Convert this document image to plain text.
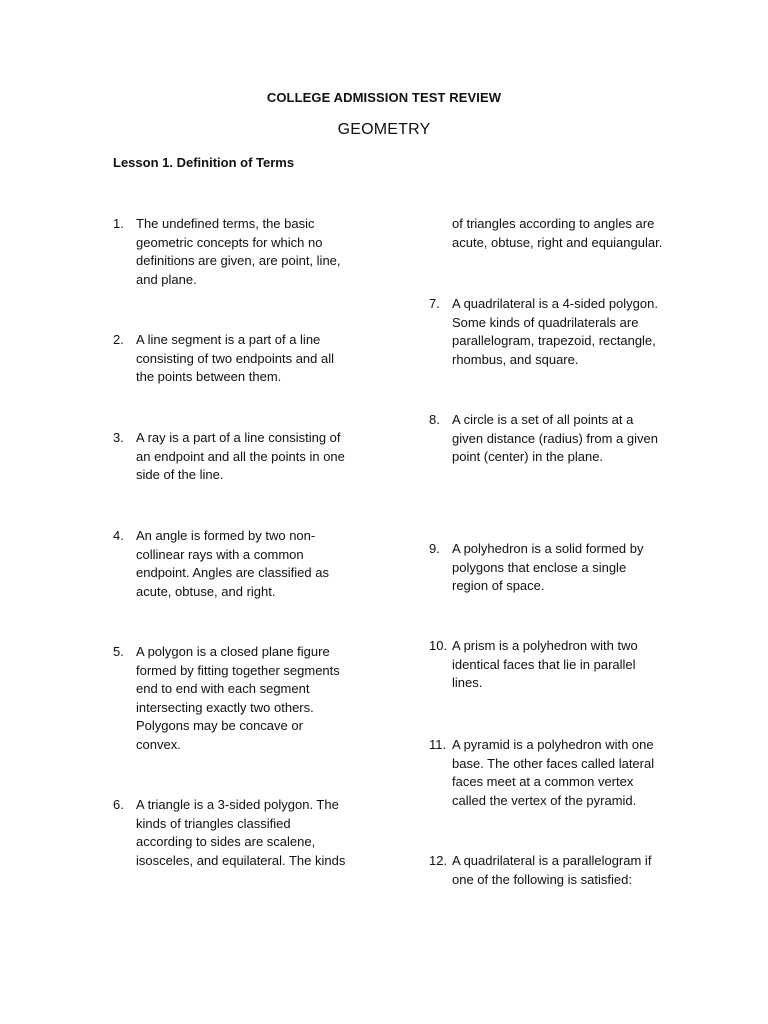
COLLEGE ADMISSION TEST REVIEW
GEOMETRY
Lesson 1. Definition of Terms
1. The undefined terms, the basic
geometric concepts for which no
definitions are given, are point, line,
and plane.
2. A line segment is a part of a line
consisting of two endpoints and all
the points between them.
3. A ray is a part of a line consisting of
an endpoint and all the points in one
side of the line.
4. An angle is formed by two non-
collinear rays with a common
endpoint. Angles are classified as
acute, obtuse, and right.
5. A polygon is a closed plane figure
formed by fitting together segments
end to end with each segment
intersecting exactly two others.
Polygons may be concave or
convex.
6. A triangle is a 3-sided polygon. The
kinds of triangles classified
according to sides are scalene,
isosceles, and equilateral. The kinds
of triangles according to angles are
acute, obtuse, right and equiangular.
7. A quadrilateral is a 4-sided polygon.
Some kinds of quadrilaterals are
parallelogram, trapezoid, rectangle,
rhombus, and square.
8. A circle is a set of all points at a
given distance (radius) from a given
point (center) in the plane.
9. A polyhedron is a solid formed by
polygons that enclose a single
region of space.
10. A prism is a polyhedron with two
identical faces that lie in parallel
lines.
11. A pyramid is a polyhedron with one
base. The other faces called lateral
faces meet at a common vertex
called the vertex of the pyramid.
12. A quadrilateral is a parallelogram if
one of the following is satisfied:
